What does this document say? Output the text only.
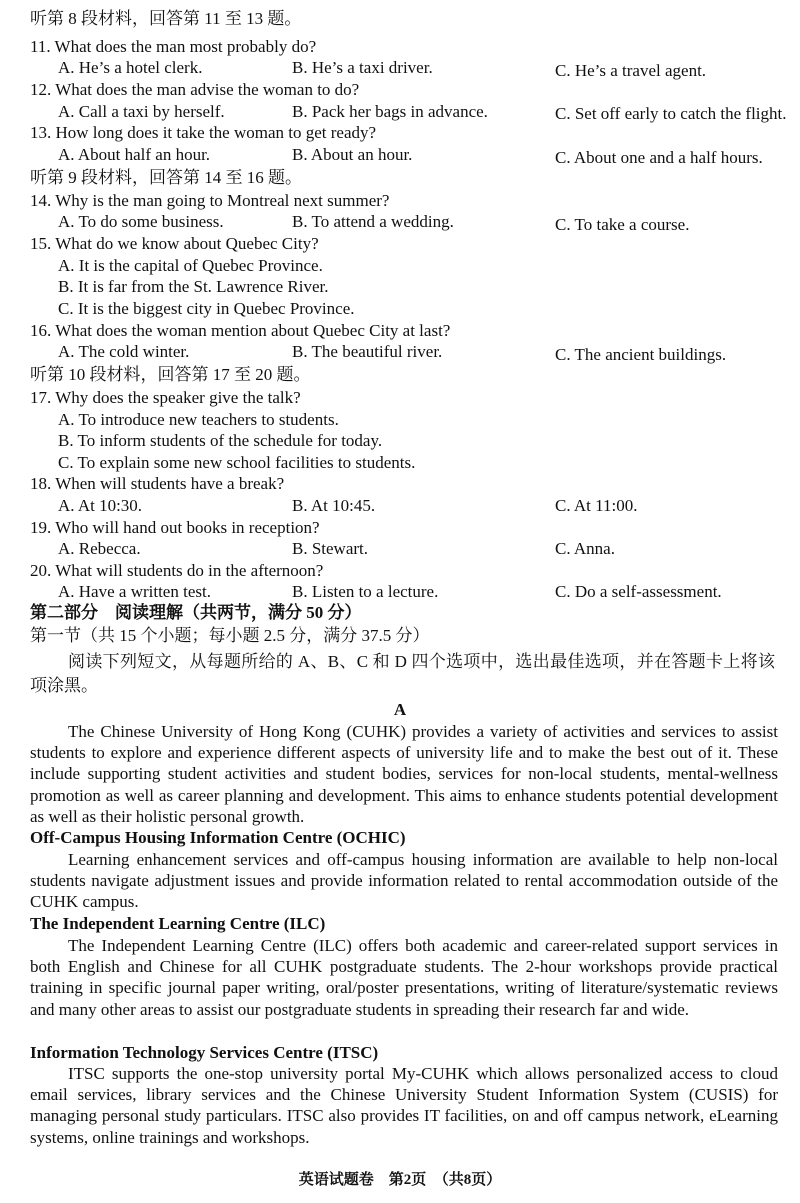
听第 8 段材料，回答第 11 至 13 题。
11. What does the man most probably do?
A. He’s a hotel clerk.	B. He’s a taxi driver.	C. He’s a travel agent.
12. What does the man advise the woman to do?
A. Call a taxi by herself.	B. Pack her bags in advance.	C. Set off early to catch the flight.
13. How long does it take the woman to get ready?
A. About half an hour.	B. About an hour.	C. About one and a half hours.
听第 9 段材料，回答第 14 至 16 题。
14. Why is the man going to Montreal next summer?
A. To do some business.	B. To attend a wedding.	C. To take a course.
15. What do we know about Quebec City?
A. It is the capital of Quebec Province.
B. It is far from the St. Lawrence River.
C. It is the biggest city in Quebec Province.
16. What does the woman mention about Quebec City at last?
A. The cold winter.	B. The beautiful river.	C. The ancient buildings.
听第 10 段材料，回答第 17 至 20 题。
17. Why does the speaker give the talk?
A. To introduce new teachers to students.
B. To inform students of the schedule for today.
C. To explain some new school facilities to students.
18. When will students have a break?
A. At 10:30.	B. At 10:45.	C. At 11:00.
19. Who will hand out books in reception?
A. Rebecca.	B. Stewart.	C. Anna.
20. What will students do in the afternoon?
A. Have a written test.	B. Listen to a lecture.	C. Do a self-assessment.
第二部分　阅读理解（共两节，满分 50 分）
第一节（共 15 个小题；每小题 2.5 分，满分 37.5 分）

阅读下列短文，从每题所给的 A、B、C 和 D 四个选项中，选出最佳选项，并在答题卡上将该项涂黑。

A

The Chinese University of Hong Kong (CUHK) provides a variety of activities and services to assist students to explore and experience different aspects of university life and to make the best out of it. These include supporting student activities and student bodies, services for non-local students, mental-wellness promotion as well as career planning and development. This aims to enhance students potential development as well as their holistic personal growth.

Off-Campus Housing Information Centre (OCHIC)

Learning enhancement services and off-campus housing information are available to help non-local students navigate adjustment issues and provide information related to rental accommodation outside of the CUHK campus.

The Independent Learning Centre (ILC)

The Independent Learning Centre (ILC) offers both academic and career-related support services in both English and Chinese for all CUHK postgraduate students. The 2-hour workshops provide practical training in specific journal paper writing, oral/poster presentations, writing of literature/systematic reviews and many other areas to assist our postgraduate students in spreading their research far and wide.

Information Technology Services Centre (ITSC)

ITSC supports the one-stop university portal My-CUHK which allows personalized access to cloud email services, library services and the Chinese University Student Information System (CUSIS) for managing personal study particulars. ITSC also provides IT facilities, on and off campus network, eLearning systems, online trainings and workshops.

英语试题卷　第2页　（共8页）
